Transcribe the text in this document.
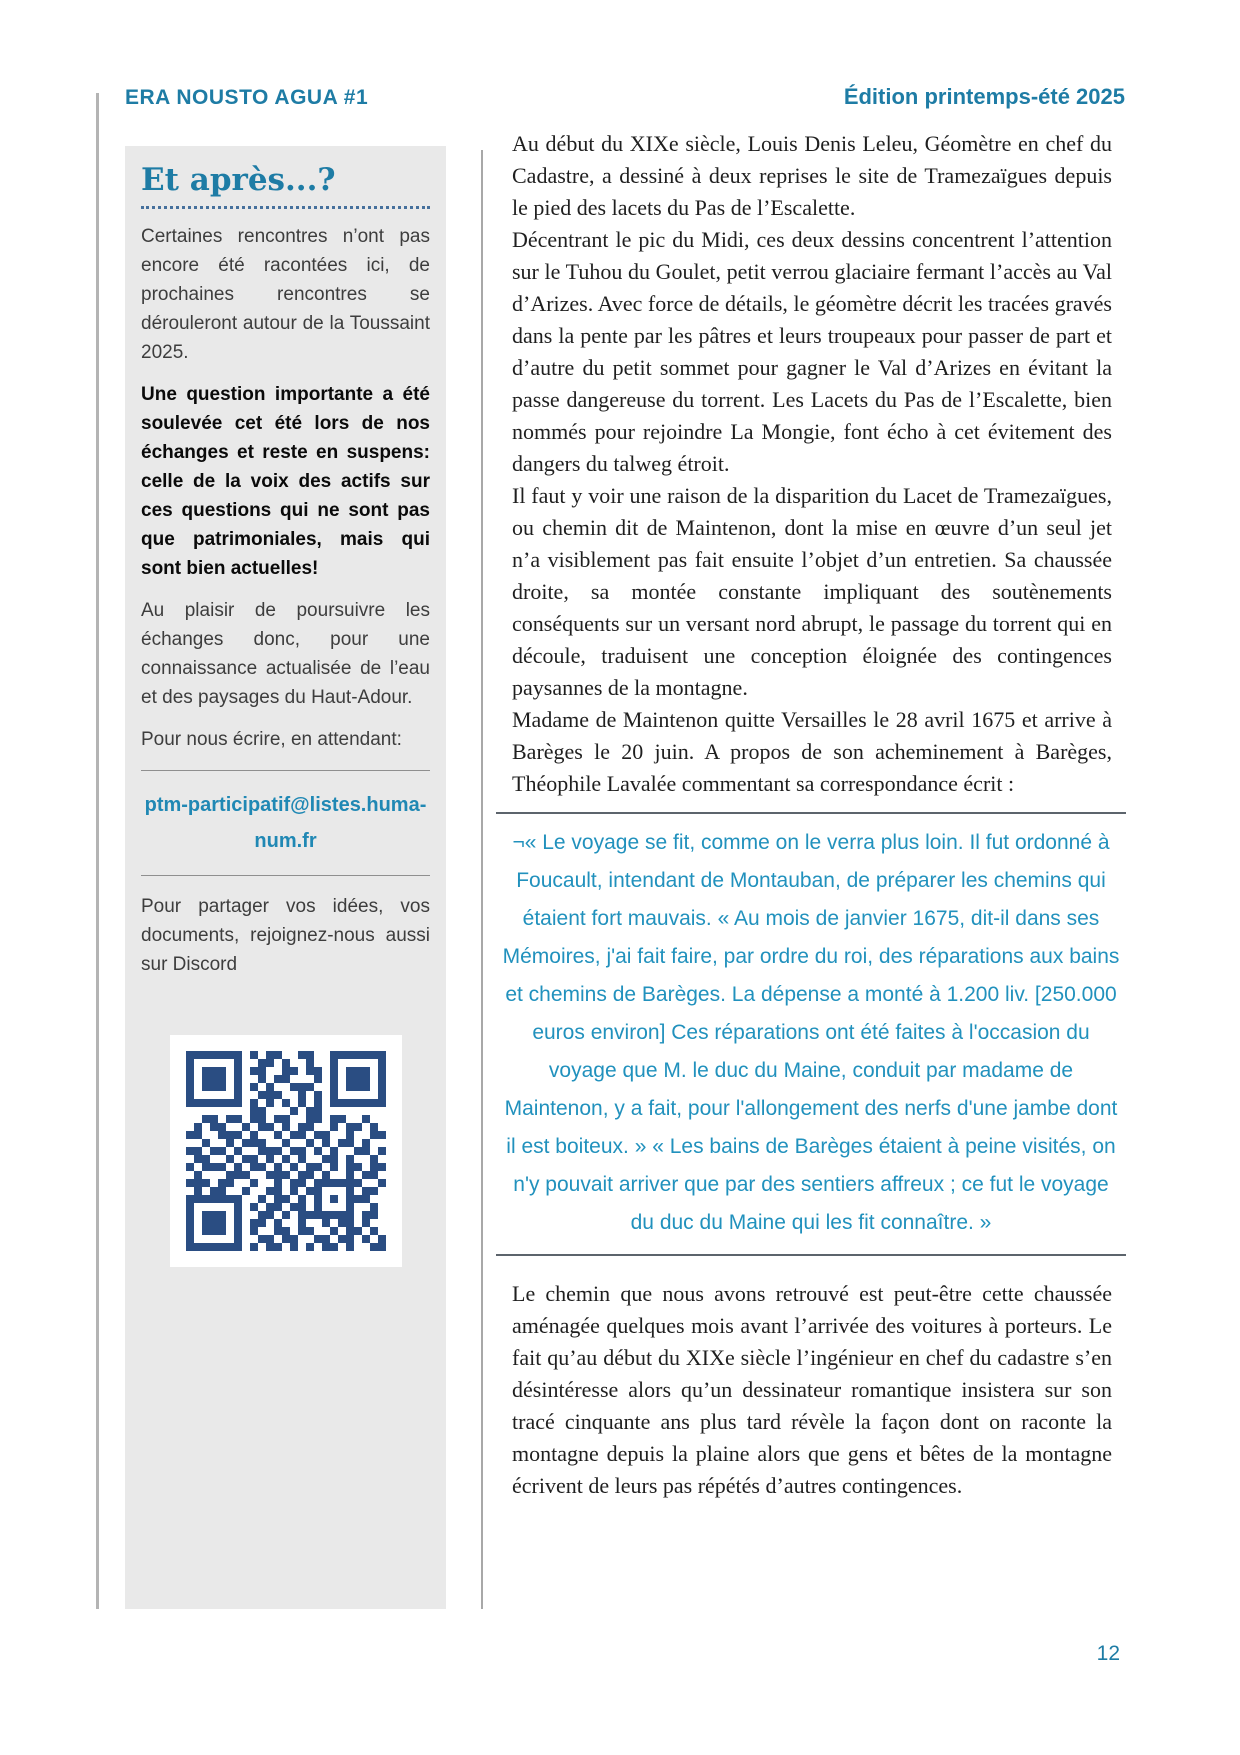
ERA NOUSTO AGUA #1	Édition printemps-été 2025
Et après...?

Certaines rencontres n’ont pas encore été racontées ici, de prochaines rencontres se dérouleront autour de la Toussaint 2025.

Une question importante a été soulevée cet été lors de nos échanges et reste en suspens: celle de la voix des actifs sur ces questions qui ne sont pas que patrimoniales, mais qui sont bien actuelles!

Au plaisir de poursuivre les échanges donc, pour une connaissance actualisée de l’eau et des paysages du Haut-Adour.

Pour nous écrire, en attendant:

ptm-participatif@listes.huma-num.fr

Pour partager vos idées, vos documents, rejoignez-nous aussi sur Discord

Au début du XIXe siècle, Louis Denis Leleu, Géomètre en chef du Cadastre, a dessiné à deux reprises le site de Tramezaïgues depuis le pied des lacets du Pas de l’Escalette.

Décentrant le pic du Midi, ces deux dessins concentrent l’attention sur le Tuhou du Goulet, petit verrou glaciaire fermant l’accès au Val d’Arizes. Avec force de détails, le géomètre décrit les tracées gravés dans la pente par les pâtres et leurs troupeaux pour passer de part et d’autre du petit sommet pour gagner le Val d’Arizes en évitant la passe dangereuse du torrent. Les Lacets du Pas de l’Escalette, bien nommés pour rejoindre La Mongie, font écho à cet évitement des dangers du talweg étroit.

Il faut y voir une raison de la disparition du Lacet de Tramezaïgues, ou chemin dit de Maintenon, dont la mise en œuvre d’un seul jet n’a visiblement pas fait ensuite l’objet d’un entretien. Sa chaussée droite, sa montée constante impliquant des soutènements conséquents sur un versant nord abrupt, le passage du torrent qui en découle, traduisent une conception éloignée des contingences paysannes de la montagne.

Madame de Maintenon quitte Versailles le 28 avril 1675 et arrive à Barèges le 20 juin. A propos de son acheminement à Barèges, Théophile Lavalée commentant sa correspondance écrit :

¬« Le voyage se fit, comme on le verra plus loin. Il fut ordonné à Foucault, intendant de Montauban, de préparer les chemins qui étaient fort mauvais. « Au mois de janvier 1675, dit-il dans ses Mémoires, j'ai fait faire, par ordre du roi, des réparations aux bains et chemins de Barèges. La dépense a monté à 1.200 liv. [250.000 euros environ] Ces réparations ont été faites à l'occasion du voyage que M. le duc du Maine, conduit par madame de Maintenon, y a fait, pour l'allongement des nerfs d'une jambe dont il est boiteux. » « Les bains de Barèges étaient à peine visités, on n'y pouvait arriver que par des sentiers affreux ; ce fut le voyage du duc du Maine qui les fit connaître. »

Le chemin que nous avons retrouvé est peut-être cette chaussée aménagée quelques mois avant l’arrivée des voitures à porteurs. Le fait qu’au début du XIXe siècle l’ingénieur en chef du cadastre s’en désintéresse alors qu’un dessinateur romantique insistera sur son tracé cinquante ans plus tard révèle la façon dont on raconte la montagne depuis la plaine alors que gens et bêtes de la montagne écrivent de leurs pas répétés d’autres contingences.

12
